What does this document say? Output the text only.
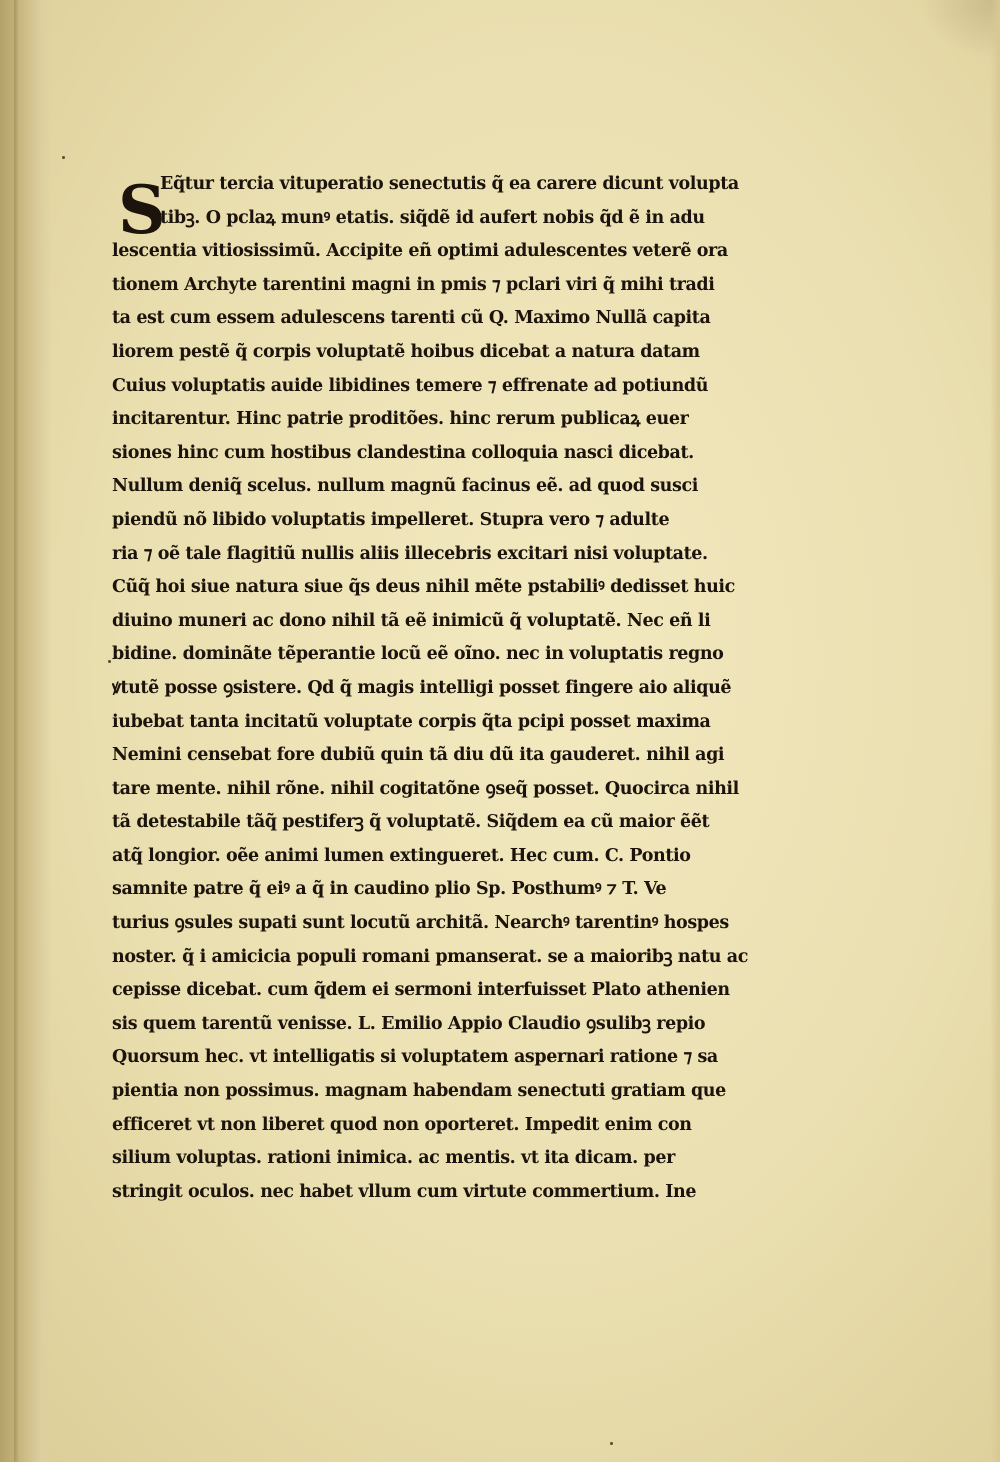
S
Eq̃tur tercia vituperatio senectutis q̃ ea carere dicunt volupta
tibꝫ. O pclaꝝ munꝰ etatis. siq̃dẽ id aufert nobis q̃d ẽ in adu
lescentia vitiosissimũ. Accipite eñ optimi adulescentes veterẽ ora
tionem Archyte tarentini magni in pmis ⁊ pclari viri q̃ mihi tradi
ta est cum essem adulescens tarenti cũ Q. Maximo Nullã capita
liorem pestẽ q̃ corpis voluptatẽ hoibus dicebat a natura datam
Cuius voluptatis auide libidines temere ⁊ effrenate ad potiundũ
incitarentur. Hinc patrie proditões. hinc rerum publicaꝝ euer
siones hinc cum hostibus clandestina colloquia nasci dicebat.
Nullum deniq̃ scelus. nullum magnũ facinus eẽ. ad quod susci
piendũ nõ libido voluptatis impelleret. Stupra vero ⁊ adulte
ria ⁊ oẽ tale flagitiũ nullis aliis illecebris excitari nisi voluptate.
Cũq̃ hoi siue natura siue q̃s deus nihil mẽte pstabiliꝰ dedisset huic
diuino muneri ac dono nihil tã eẽ inimicũ q̃ voluptatẽ. Nec eñ li
bidine. dominãte tẽperantie locũ eẽ oĩno. nec in voluptatis regno
ꝟtutẽ posse ꝯsistere. Qd q̃ magis intelligi posset fingere aio aliquẽ
iubebat tanta incitatũ voluptate corpis q̃ta pcipi posset maxima
Nemini censebat fore dubiũ quin tã diu dũ ita gauderet. nihil agi
tare mente. nihil rõne. nihil cogitatõne ꝯseq̃ posset. Quocirca nihil
tã detestabile tãq̃ pestiferꝫ q̃ voluptatẽ. Siq̃dem ea cũ maior ẽẽt
atq̃ longior. oẽe animi lumen extingueret. Hec cum. C. Pontio
samnite patre q̃ eiꝰ a q̃ in caudino plio Sp. Posthumꝰ ⁊ T. Ve
turius ꝯsules supati sunt locutũ architã. Nearchꝰ tarentinꝰ hospes
noster. q̃ i amicicia populi romani pmanserat. se a maioribꝫ natu ac
cepisse dicebat. cum q̃dem ei sermoni interfuisset Plato athenien
sis quem tarentũ venisse. L. Emilio Appio Claudio ꝯsulibꝫ repio
Quorsum hec. vt intelligatis si voluptatem aspernari ratione ⁊ sa
pientia non possimus. magnam habendam senectuti gratiam que
efficeret vt non liberet quod non oporteret. Impedit enim con
silium voluptas. rationi inimica. ac mentis. vt ita dicam. per
stringit oculos. nec habet vllum cum virtute commertium. Ine
